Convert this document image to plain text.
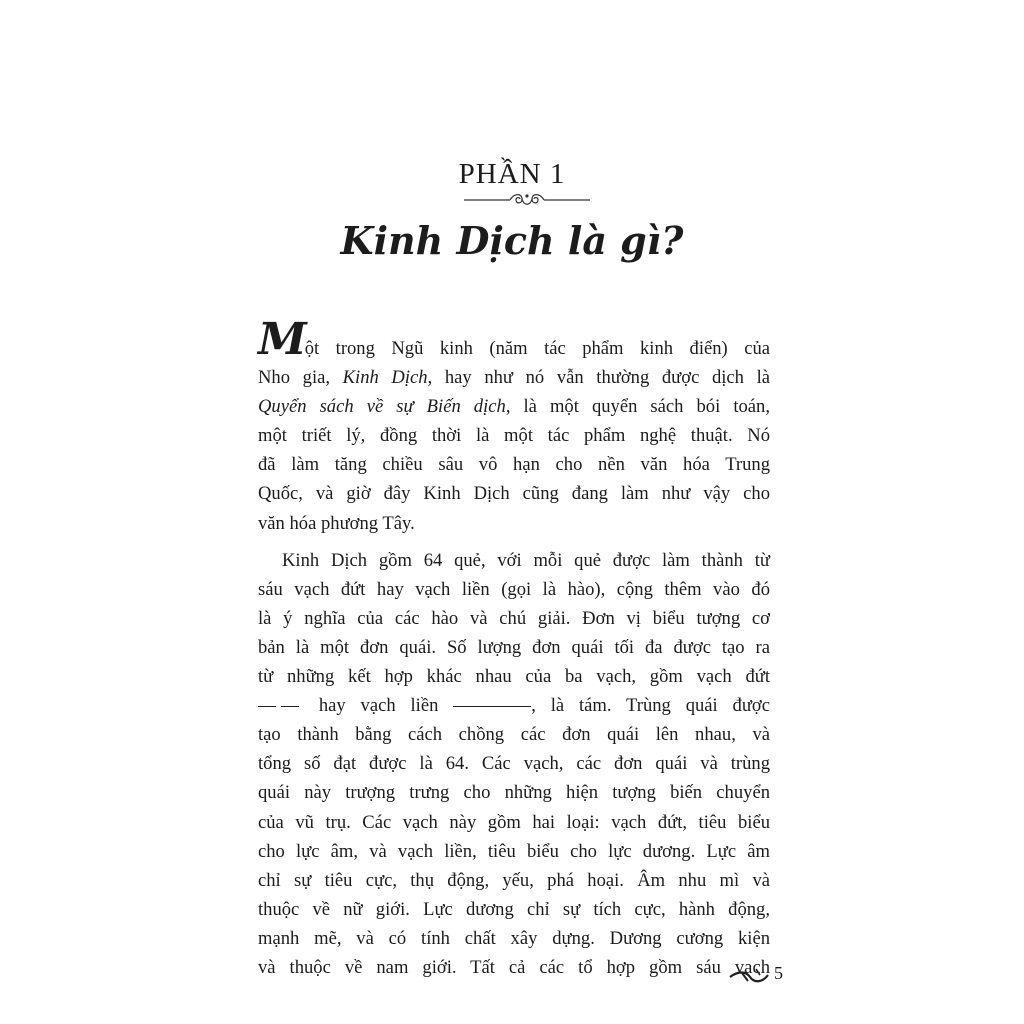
PHẦN 1
Kinh Dịch là gì?
Một trong Ngũ kinh (năm tác phẩm kinh điển) của
Nho gia, Kinh Dịch, hay như nó vẫn thường được dịch là
Quyển sách về sự Biến dịch, là một quyển sách bói toán,
một triết lý, đồng thời là một tác phẩm nghệ thuật. Nó
đã làm tăng chiều sâu vô hạn cho nền văn hóa Trung
Quốc, và giờ đây Kinh Dịch cũng đang làm như vậy cho
văn hóa phương Tây.
Kinh Dịch gồm 64 quẻ, với mỗi quẻ được làm thành từ
sáu vạch đứt hay vạch liền (gọi là hào), cộng thêm vào đó
là ý nghĩa của các hào và chú giải. Đơn vị biểu tượng cơ
bản là một đơn quái. Số lượng đơn quái tối đa được tạo ra
từ những kết hợp khác nhau của ba vạch, gồm vạch đứt
hay vạch liền	, là tám. Trùng quái được
tạo thành bằng cách chồng các đơn quái lên nhau, và
tổng số đạt được là 64. Các vạch, các đơn quái và trùng
quái này trượng trưng cho những hiện tượng biến chuyển
của vũ trụ. Các vạch này gồm hai loại: vạch đứt, tiêu biểu
cho lực âm, và vạch liền, tiêu biểu cho lực dương. Lực âm
chỉ sự tiêu cực, thụ động, yếu, phá hoại. Âm nhu mì và
thuộc về nữ giới. Lực dương chỉ sự tích cực, hành động,
mạnh mẽ, và có tính chất xây dựng. Dương cương kiện
và thuộc về nam giới. Tất cả các tổ hợp gồm sáu vạch 5
